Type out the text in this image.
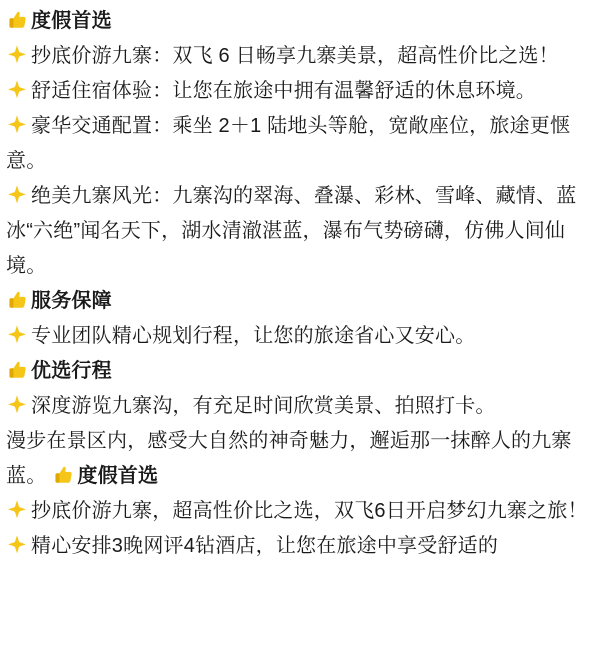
度假首选

抄底价游九寨：双飞 6 日畅享九寨美景，超高性价比之选！

舒适住宿体验：让您在旅途中拥有温馨舒适的休息环境。

豪华交通配置：乘坐 2＋1 陆地头等舱，宽敞座位，旅途更惬意。

绝美九寨风光：九寨沟的翠海、叠瀑、彩林、雪峰、藏情、蓝冰“六绝”闻名天下，湖水清澈湛蓝，瀑布气势磅礴，仿佛人间仙境。

服务保障

专业团队精心规划行程，让您的旅途省心又安心。

优选行程

深度游览九寨沟，有充足时间欣赏美景、拍照打卡。

漫步在景区内，感受大自然的神奇魅力，邂逅那一抹醉人的九寨蓝。 度假首选

抄底价游九寨，超高性价比之选，双飞6日开启梦幻九寨之旅！

精心安排3晚网评4钻酒店，让您在旅途中享受舒适的
